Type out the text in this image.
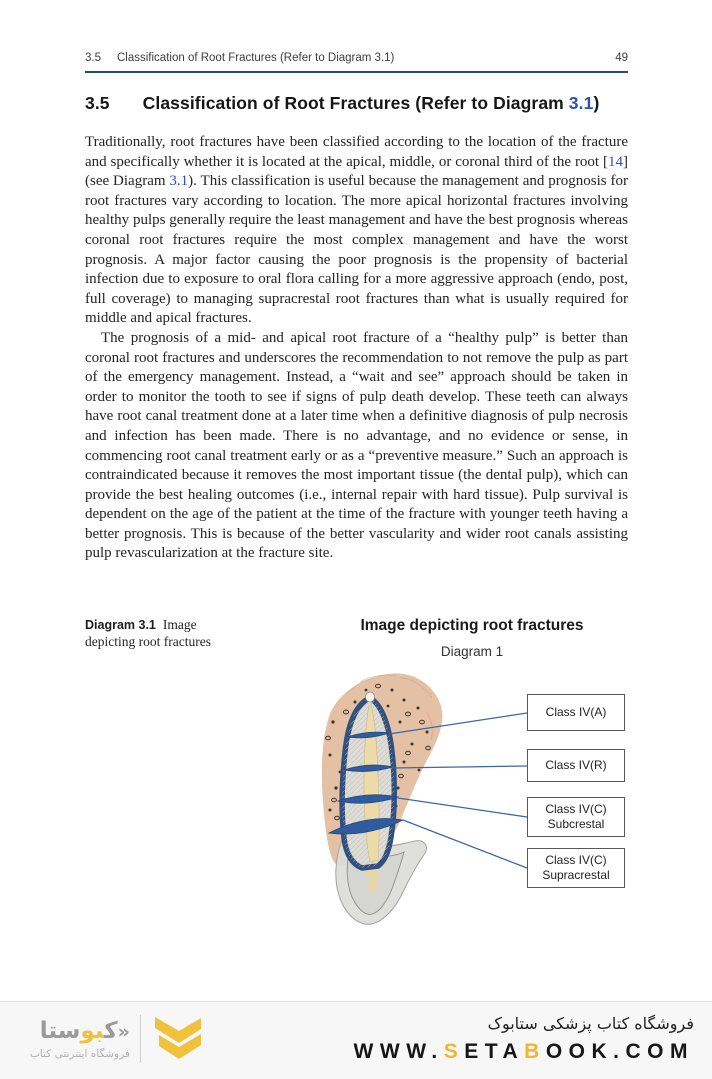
3.5 Classification of Root Fractures (Refer to Diagram 3.1)	49
3.5 Classification of Root Fractures (Refer to Diagram 3.1)

Traditionally, root fractures have been classified according to the location of the fracture and specifically whether it is located at the apical, middle, or coronal third of the root [14] (see Diagram 3.1). This classification is useful because the management and prognosis for root fractures vary according to location. The more apical horizontal fractures involving healthy pulps generally require the least management and have the best prognosis whereas coronal root fractures require the most complex management and have the worst prognosis. A major factor causing the poor prognosis is the propensity of bacterial infection due to exposure to oral flora calling for a more aggressive approach (endo, post, full coverage) to managing supracrestal root fractures than what is usually required for middle and apical fractures.

The prognosis of a mid- and apical root fracture of a “healthy pulp” is better than coronal root fractures and underscores the recommendation to not remove the pulp as part of the emergency management. Instead, a “wait and see” approach should be taken in order to monitor the tooth to see if signs of pulp death develop. These teeth can always have root canal treatment done at a later time when a definitive diagnosis of pulp necrosis and infection has been made. There is no advantage, and no evidence or sense, in commencing root canal treatment early or as a “preventive measure.” Such an approach is contraindicated because it removes the most important tissue (the dental pulp), which can provide the best healing outcomes (i.e., internal repair with hard tissue). Pulp survival is dependent on the age of the patient at the time of the fracture with younger teeth having a better prognosis. This is because of the better vascularity and wider root canals assisting pulp revascularization at the fracture site.

Diagram 3.1 Image depicting root fractures
Image depicting root fractures
Diagram 1
Class IV(A)
Class IV(R)
Class IV(C)
Subcrestal
Class IV(C)
Supracrestal
«کبوستا
فروشگاه اینترنتی کتاب
فروشگاه کتاب پزشکی ستابوک
WWW.SETABOOK.COM
